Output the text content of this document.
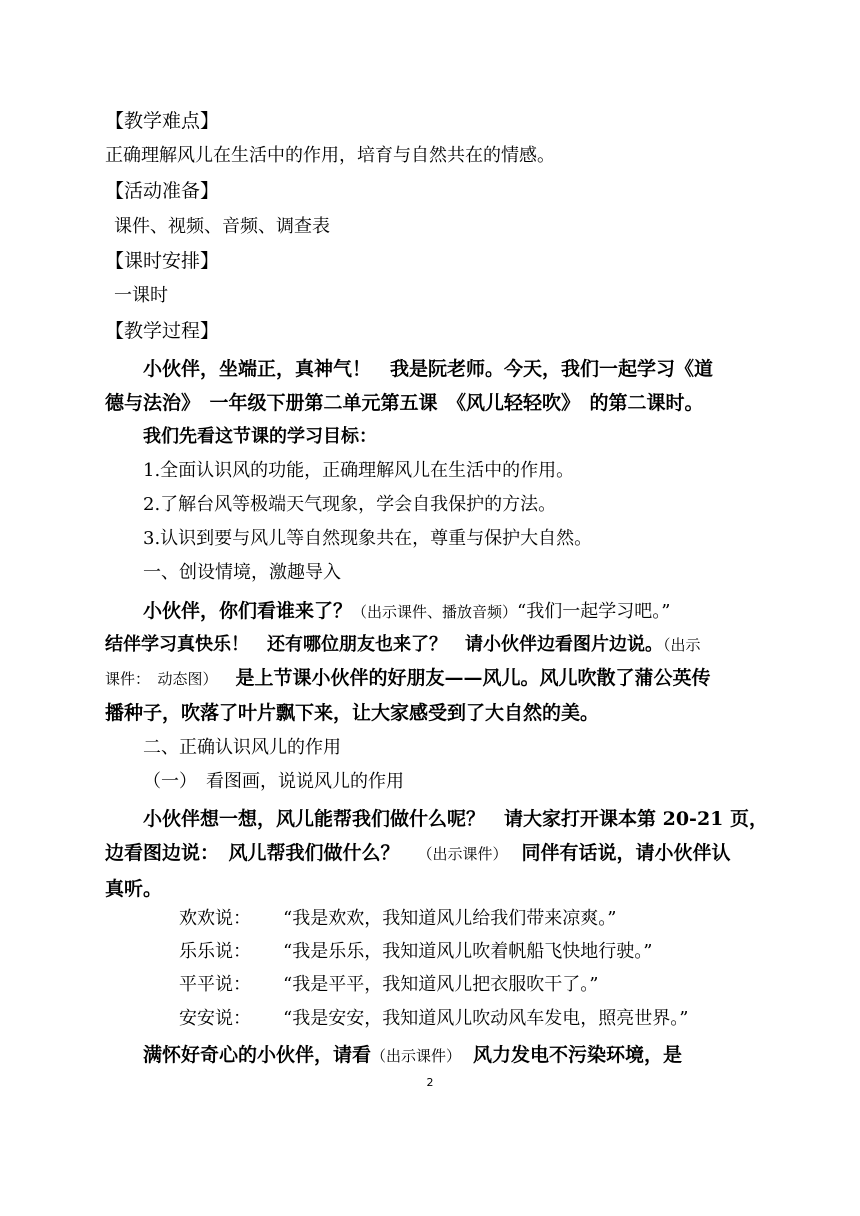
【教学难点】
正确理解风儿在生活中的作用，培育与自然共在的情感。
【活动准备】
课件、视频、音频、调查表
【课时安排】
一课时
【教学过程】
小伙伴，坐端正，真神气！　我是阮老师。今天，我们一起学习《道
德与法治》　一年级下册第二单元第五课　《风儿轻轻吹》　的第二课时。
我们先看这节课的学习目标：
1.全面认识风的功能，正确理解风儿在生活中的作用。
2.了解台风等极端天气现象，学会自我保护的方法。
3.认识到要与风儿等自然现象共在，尊重与保护大自然。
一、创设情境，激趣导入
小伙伴，你们看谁来了？（出示课件、播放音频）“我们一起学习吧。”
结伴学习真快乐！　还有哪位朋友也来了？　请小伙伴边看图片边说。（出示
课件：　动态图） 是上节课小伙伴的好朋友——风儿。风儿吹散了蒲公英传
播种子，吹落了叶片飘下来，让大家感受到了大自然的美。
二、正确认识风儿的作用
（一）　看图画，说说风儿的作用
小伙伴想一想，风儿能帮我们做什么呢？　请大家打开课本第 20-21 页，
边看图边说：　风儿帮我们做什么？ （出示课件） 同伴有话说，请小伙伴认
真听。
欢欢说： “我是欢欢，我知道风儿给我们带来凉爽。”
乐乐说： “我是乐乐，我知道风儿吹着帆船飞快地行驶。”
平平说： “我是平平，我知道风儿把衣服吹干了。”
安安说： “我是安安，我知道风儿吹动风车发电，照亮世界。”
满怀好奇心的小伙伴，请看（出示课件） 风力发电不污染环境，是
2
